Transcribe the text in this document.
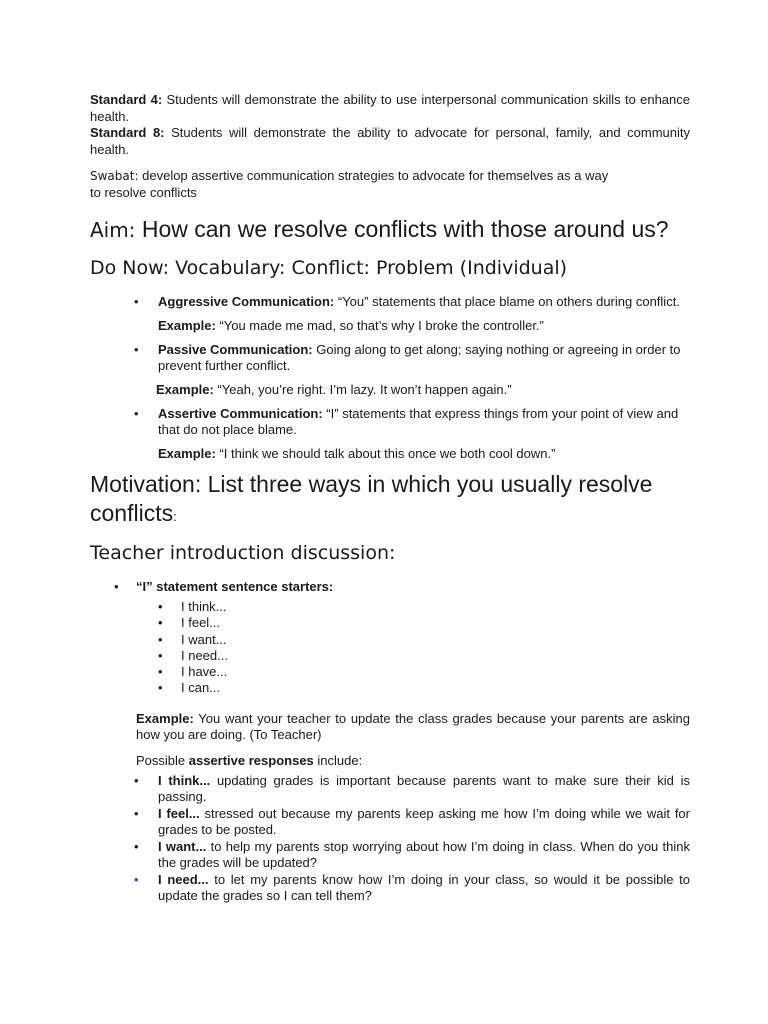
Standard 4: Students will demonstrate the ability to use interpersonal communication skills to enhance health.
Standard 8: Students will demonstrate the ability to advocate for personal, family, and community health.
Swabat: develop assertive communication strategies to advocate for themselves as a way
to resolve conflicts
Aim: How can we resolve conflicts with those around us?
Do Now: Vocabulary: Conflict: Problem (Individual)
• Aggressive Communication: “You” statements that place blame on others during conflict.
Example: “You made me mad, so that’s why I broke the controller.”
• Passive Communication: Going along to get along; saying nothing or agreeing in order to prevent further conflict.
Example: “Yeah, you’re right. I’m lazy. It won’t happen again.”
• Assertive Communication: “I” statements that express things from your point of view and that do not place blame.
Example: “I think we should talk about this once we both cool down.”
Motivation: List three ways in which you usually resolve
conflicts:
Teacher introduction discussion:
• “I” statement sentence starters:
• I think...
• I feel...
• I want...
• I need...
• I have...
• I can...
Example: You want your teacher to update the class grades because your parents are asking how you are doing. (To Teacher)
Possible assertive responses include:
• I think... updating grades is important because parents want to make sure their kid is passing.
• I feel... stressed out because my parents keep asking me how I’m doing while we wait for grades to be posted.
• I want... to help my parents stop worrying about how I’m doing in class. When do you think the grades will be updated?
• I need... to let my parents know how I’m doing in your class, so would it be possible to update the grades so I can tell them?
